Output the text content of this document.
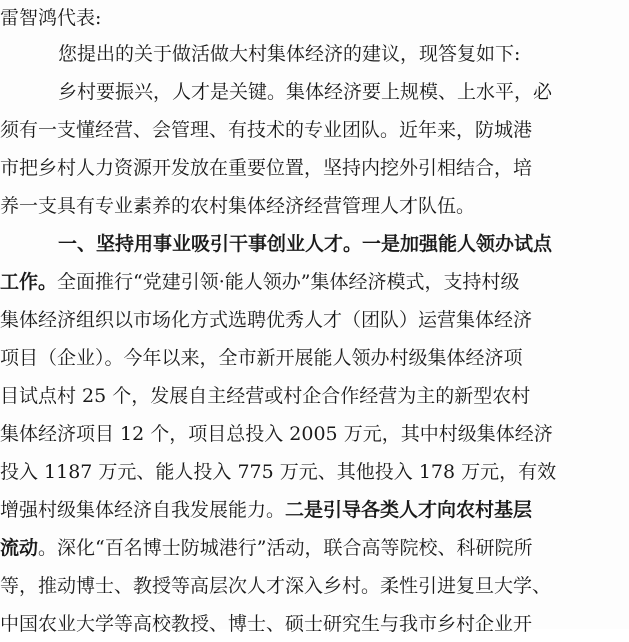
雷智鸿代表:
您提出的关于做活做大村集体经济的建议，现答复如下:
乡村要振兴，人才是关键。集体经济要上规模、上水平，必
须有一支懂经营、会管理、有技术的专业团队。近年来，防城港
市把乡村人力资源开发放在重要位置，坚持内挖外引相结合，培
养一支具有专业素养的农村集体经济经营管理人才队伍。
一、坚持用事业吸引干事创业人才。一是加强能人领办试点
工作。全面推行“党建引领·能人领办”集体经济模式，支持村级
集体经济组织以市场化方式选聘优秀人才（团队）运营集体经济
项目（企业）。今年以来，全市新开展能人领办村级集体经济项
目试点村 25 个，发展自主经营或村企合作经营为主的新型农村
集体经济项目 12 个，项目总投入 2005 万元，其中村级集体经济
投入 1187 万元、能人投入 775 万元、其他投入 178 万元，有效
增强村级集体经济自我发展能力。二是引导各类人才向农村基层
流动。深化“百名博士防城港行”活动，联合高等院校、科研院所
等，推动博士、教授等高层次人才深入乡村。柔性引进复旦大学、
中国农业大学等高校教授、博士、硕士研究生与我市乡村企业开
